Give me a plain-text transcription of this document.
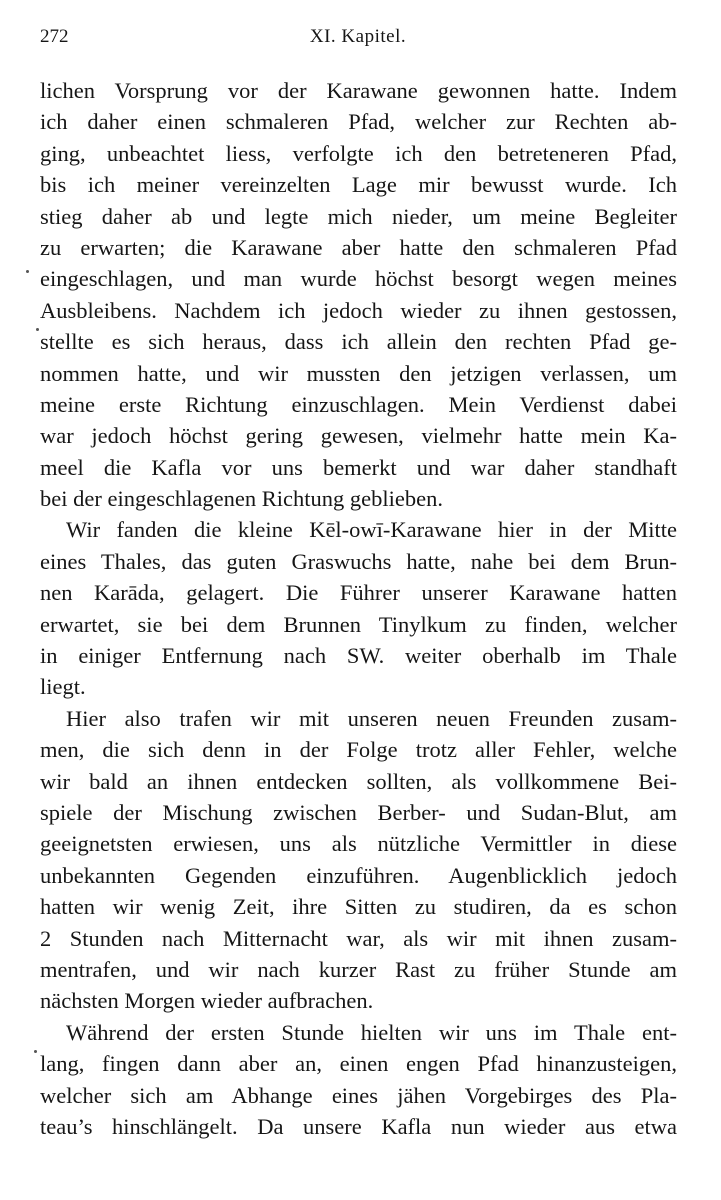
272	XI. Kapitel.
lichen Vorsprung vor der Karawane gewonnen hatte. Indem
ich daher einen schmaleren Pfad, welcher zur Rechten ab-
ging, unbeachtet liess, verfolgte ich den betreteneren Pfad,
bis ich meiner vereinzelten Lage mir bewusst wurde. Ich
stieg daher ab und legte mich nieder, um meine Begleiter
zu erwarten; die Karawane aber hatte den schmaleren Pfad
eingeschlagen, und man wurde höchst besorgt wegen meines
Ausbleibens. Nachdem ich jedoch wieder zu ihnen gestossen,
stellte es sich heraus, dass ich allein den rechten Pfad ge-
nommen hatte, und wir mussten den jetzigen verlassen, um
meine erste Richtung einzuschlagen. Mein Verdienst dabei
war jedoch höchst gering gewesen, vielmehr hatte mein Ka-
meel die Kafla vor uns bemerkt und war daher standhaft
bei der eingeschlagenen Richtung geblieben.
Wir fanden die kleine Kēl-owī-Karawane hier in der Mitte
eines Thales, das guten Graswuchs hatte, nahe bei dem Brun-
nen Karāda, gelagert. Die Führer unserer Karawane hatten
erwartet, sie bei dem Brunnen Tinylkum zu finden, welcher
in einiger Entfernung nach SW. weiter oberhalb im Thale
liegt.
Hier also trafen wir mit unseren neuen Freunden zusam-
men, die sich denn in der Folge trotz aller Fehler, welche
wir bald an ihnen entdecken sollten, als vollkommene Bei-
spiele der Mischung zwischen Berber- und Sudan-Blut, am
geeignetsten erwiesen, uns als nützliche Vermittler in diese
unbekannten Gegenden einzuführen. Augenblicklich jedoch
hatten wir wenig Zeit, ihre Sitten zu studiren, da es schon
2 Stunden nach Mitternacht war, als wir mit ihnen zusam-
mentrafen, und wir nach kurzer Rast zu früher Stunde am
nächsten Morgen wieder aufbrachen.
Während der ersten Stunde hielten wir uns im Thale ent-
lang, fingen dann aber an, einen engen Pfad hinanzusteigen,
welcher sich am Abhange eines jähen Vorgebirges des Pla-
teau’s hinschlängelt. Da unsere Kafla nun wieder aus etwa
